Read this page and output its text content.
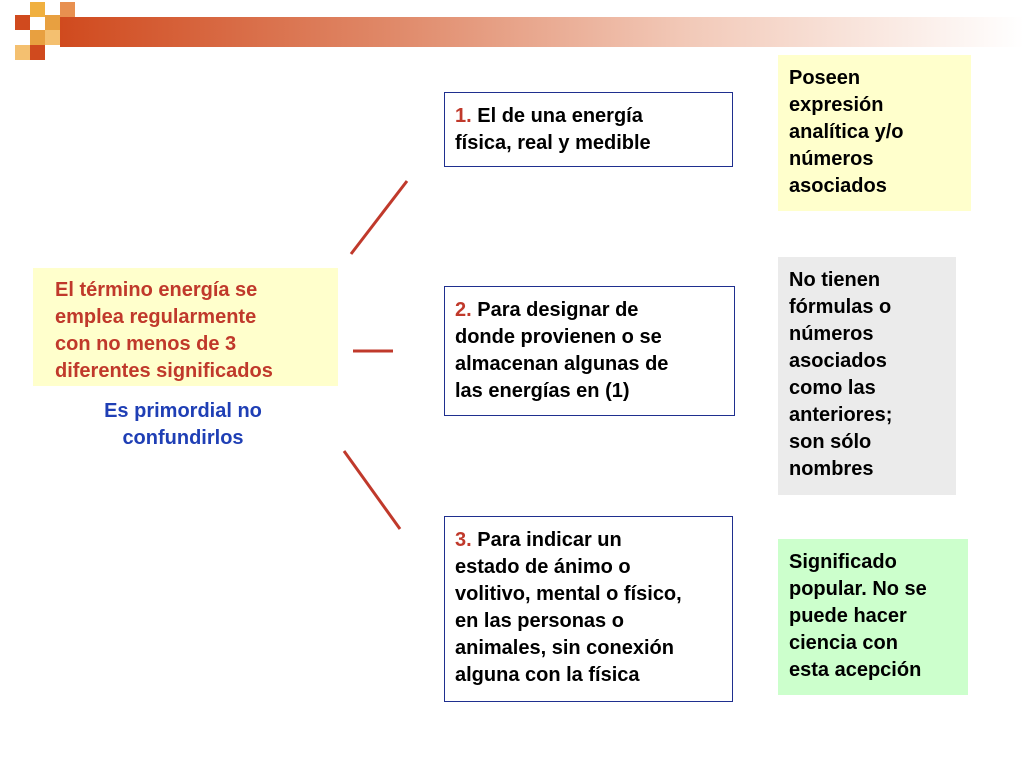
El término energía se
emplea regularmente
con no menos de 3
diferentes significados
Es primordial no
confundirlos
1. El de una energía
física, real y medible
2. Para designar de
donde provienen o se
almacenan algunas de
las energías en (1)
3. Para indicar un
estado de ánimo o
volitivo, mental o físico,
en las personas o
animales, sin conexión
alguna con la física
Poseen
expresión
analítica y/o
números
asociados
No tienen
fórmulas o
números
asociados
como las
anteriores;
son sólo
nombres
Significado
popular. No se
puede hacer
ciencia con
esta acepción
